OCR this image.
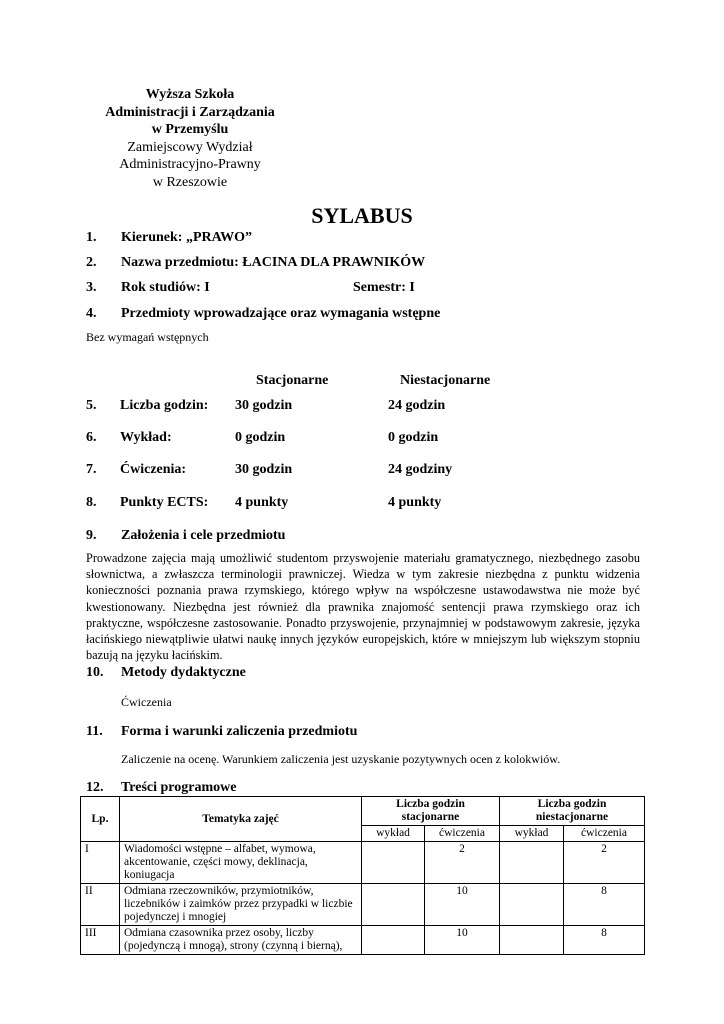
Wyższa Szkoła
Administracji i Zarządzania
w Przemyślu
Zamiejscowy Wydział
Administracyjno-Prawny
w Rzeszowie
SYLABUS
1. Kierunek: „PRAWO”
2. Nazwa przedmiotu: ŁACINA DLA PRAWNIKÓW
3. Rok studiów: I	Semestr: I
4. Przedmioty wprowadzające oraz wymagania wstępne
Bez wymagań wstępnych
Stacjonarne	Niestacjonarne
5. Liczba godzin: 30 godzin	24 godzin
6. Wykład:	0 godzin	0 godzin
7. Ćwiczenia:	30 godzin	24 godziny
8. Punkty ECTS: 4 punkty	4 punkty
9. Założenia i cele przedmiotu
Prowadzone zajęcia mają umożliwić studentom przyswojenie materiału gramatycznego, niezbędnego zasobu słownictwa, a zwłaszcza terminologii prawniczej. Wiedza w tym zakresie niezbędna z punktu widzenia konieczności poznania prawa rzymskiego, którego wpływ na współczesne ustawodawstwa nie może być kwestionowany. Niezbędna jest również dla prawnika znajomość sentencji prawa rzymskiego oraz ich praktyczne, współczesne zastosowanie. Ponadto przyswojenie, przynajmniej w podstawowym zakresie, języka łacińskiego niewątpliwie ułatwi naukę innych języków europejskich, które w mniejszym lub większym stopniu bazują na języku łacińskim.
10. Metody dydaktyczne
Ćwiczenia
11. Forma i warunki zaliczenia przedmiotu
Zaliczenie na ocenę. Warunkiem zaliczenia jest uzyskanie pozytywnych ocen z kolokwiów.
12. Treści programowe
Lp.	Tematyka zajęć	Liczba godzin stacjonarne		Liczba godzin niestacjonarne	
		wykład	ćwiczenia	wykład	ćwiczenia
I	Wiadomości wstępne – alfabet, wymowa, akcentowanie, części mowy, deklinacja, koniugacja		2		2
II	Odmiana rzeczowników, przymiotników, liczebników i zaimków przez przypadki w liczbie pojedynczej i mnogiej		10		8
III	Odmiana czasownika przez osoby, liczby (pojedynczą i mnogą), strony (czynną i bierną),		10		8
